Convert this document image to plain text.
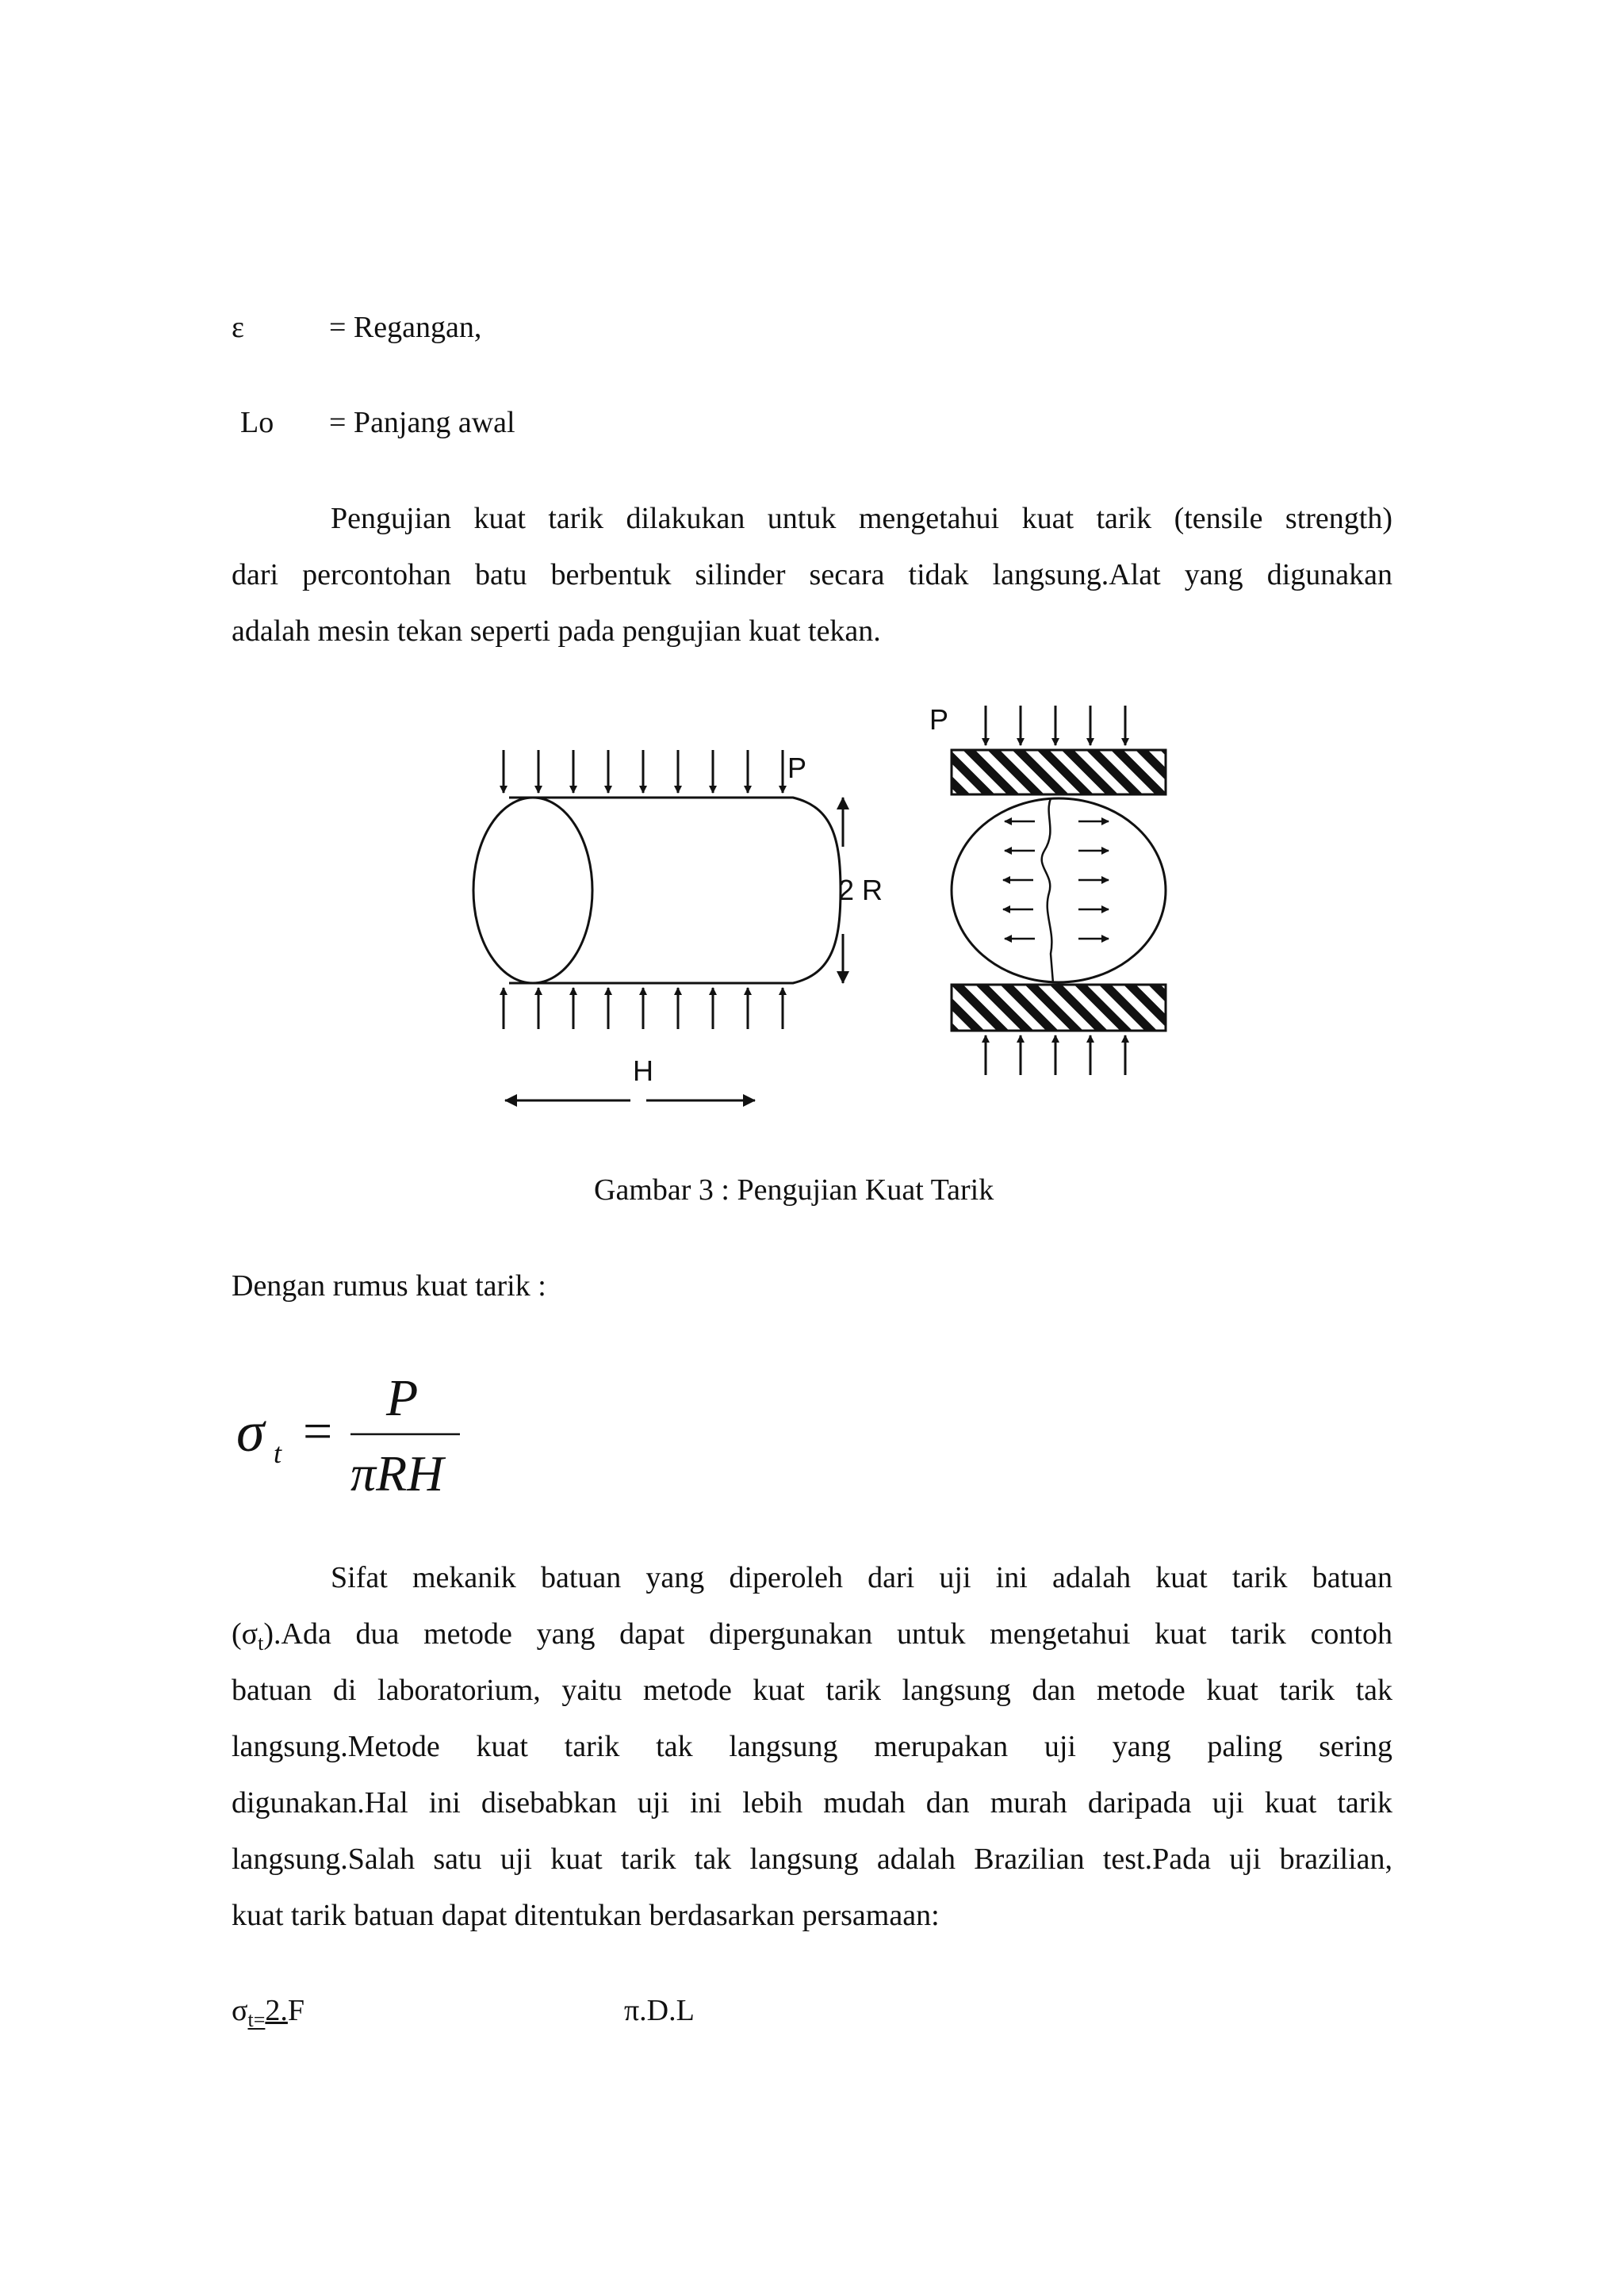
ε	= Regangan,
Lo = Panjang awal
Pengujian kuat tarik dilakukan untuk mengetahui kuat tarik (tensile strength)
dari percontohan batu berbentuk silinder secara tidak langsung.Alat yang digunakan
adalah mesin tekan seperti pada pengujian kuat tekan.
P
2 R
H
P
Gambar 3 : Pengujian Kuat Tarik
Dengan rumus kuat tarik :
σ t =
P
πRH
Sifat mekanik batuan yang diperoleh dari uji ini adalah kuat tarik batuan
$(\sigma_t).Ada$ dua metode yang dapat dipergunakan untuk mengetahui kuat tarik contoh
batuan di laboratorium, yaitu metode kuat tarik langsung dan metode kuat tarik tak
langsung.Metode kuat tarik tak langsung merupakan uji yang paling sering
digunakan.Hal ini disebabkan uji ini lebih mudah dan murah daripada uji kuat tarik
langsung.Salah satu uji kuat tarik tak langsung adalah Brazilian test.Pada uji brazilian,
kuat tarik batuan dapat ditentukan berdasarkan persamaan:
$\sigma_{t=}2.F$	π.D.L
